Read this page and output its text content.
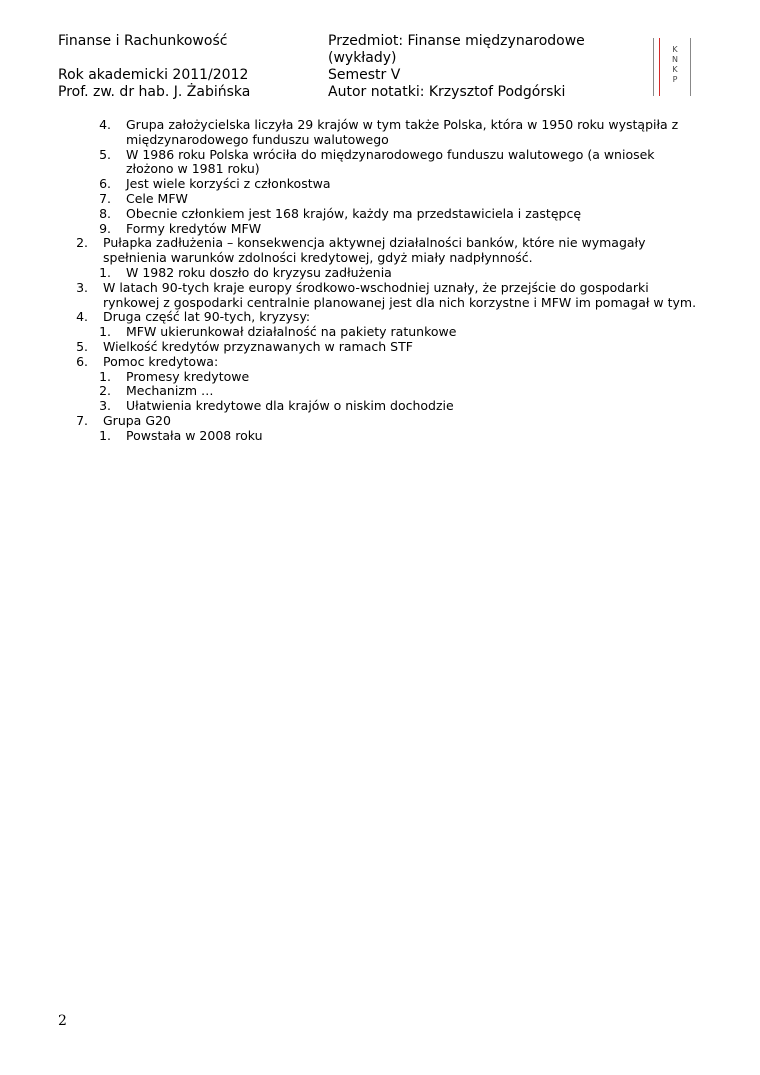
Finanse i Rachunkowość

Rok akademicki 2011/2012
Prof. zw. dr hab. J. Żabińska
Przedmiot: Finanse międzynarodowe
(wykłady)
Semestr V
Autor notatki: Krzysztof Podgórski
K
N
K
P
4. Grupa założycielska liczyła 29 krajów w tym także Polska, która w 1950 roku wystąpiła z międzynarodowego funduszu walutowego
5. W 1986 roku Polska wróciła do międzynarodowego funduszu walutowego (a wniosek złożono w 1981 roku)
6. Jest wiele korzyści z członkostwa
7. Cele MFW
8. Obecnie członkiem jest 168 krajów, każdy ma przedstawiciela i zastępcę
9. Formy kredytów MFW
2. Pułapka zadłużenia – konsekwencja aktywnej działalności banków, które nie wymagały spełnienia warunków zdolności kredytowej, gdyż miały nadpłynność.
1. W 1982 roku doszło do kryzysu zadłużenia
3. W latach 90-tych kraje europy środkowo-wschodniej uznały, że przejście do gospodarki rynkowej z gospodarki centralnie planowanej jest dla nich korzystne i MFW im pomagał w tym.
4. Druga część lat 90-tych, kryzysy:
1. MFW ukierunkował działalność na pakiety ratunkowe
5. Wielkość kredytów przyznawanych w ramach STF
6. Pomoc kredytowa:
1. Promesy kredytowe
2. Mechanizm …
3. Ułatwienia kredytowe dla krajów o niskim dochodzie
7. Grupa G20
1. Powstała w 2008 roku
2
